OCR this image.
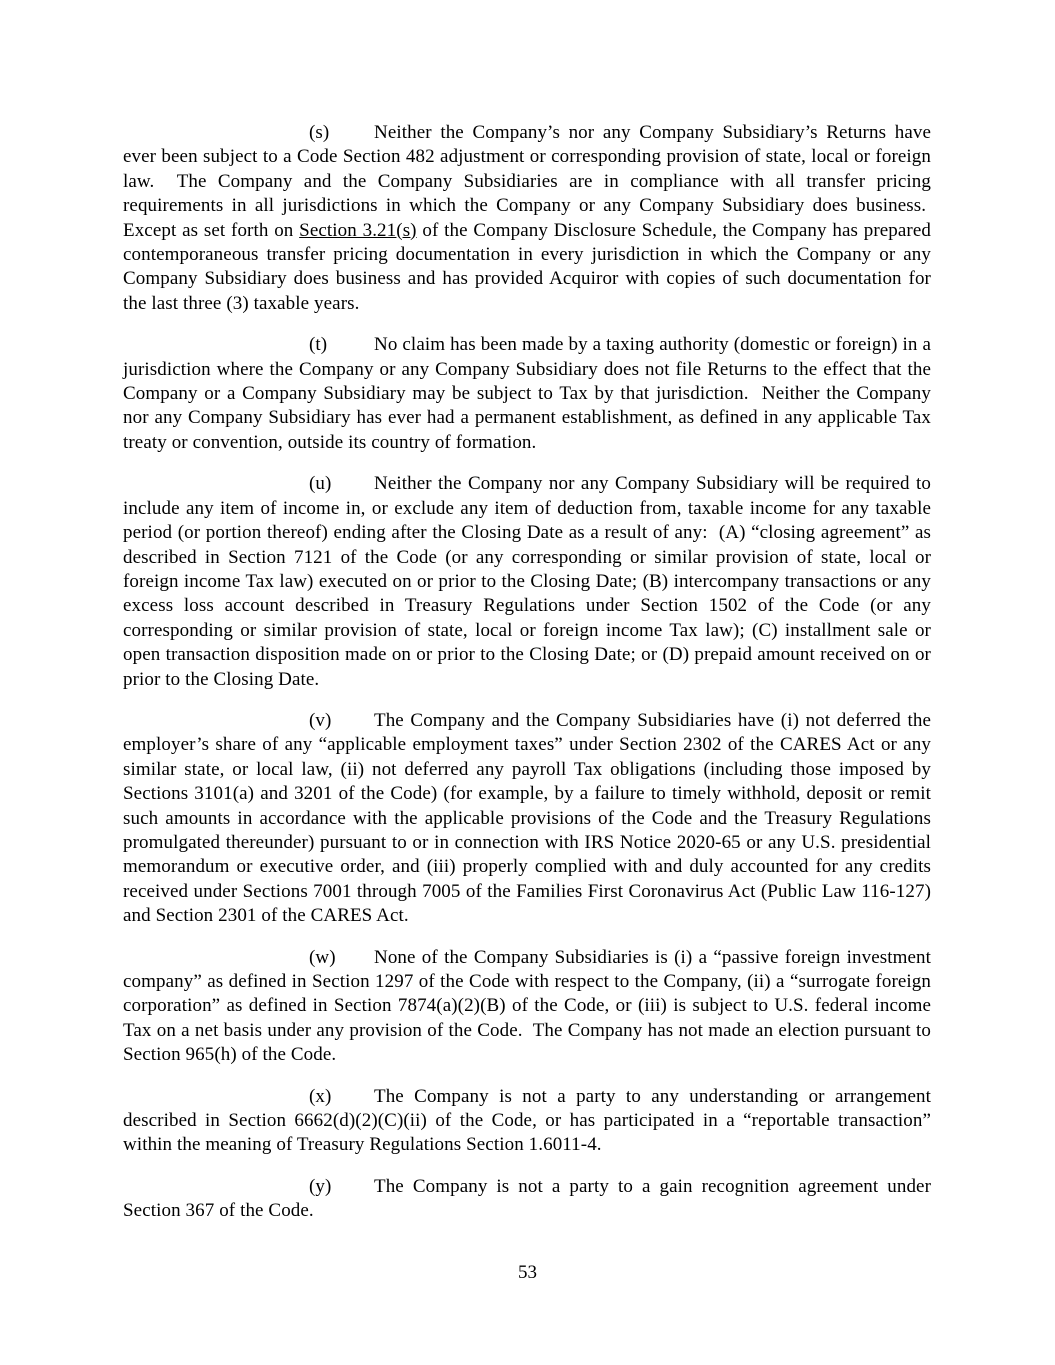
(s) Neither the Company’s nor any Company Subsidiary’s Returns have ever been subject to a Code Section 482 adjustment or corresponding provision of state, local or foreign law.  The Company and the Company Subsidiaries are in compliance with all transfer pricing requirements in all jurisdictions in which the Company or any Company Subsidiary does business.  Except as set forth on Section 3.21(s) of the Company Disclosure Schedule, the Company has prepared contemporaneous transfer pricing documentation in every jurisdiction in which the Company or any Company Subsidiary does business and has provided Acquiror with copies of such documentation for the last three (3) taxable years.

(t) No claim has been made by a taxing authority (domestic or foreign) in a jurisdiction where the Company or any Company Subsidiary does not file Returns to the effect that the Company or a Company Subsidiary may be subject to Tax by that jurisdiction.  Neither the Company nor any Company Subsidiary has ever had a permanent establishment, as defined in any applicable Tax treaty or convention, outside its country of formation.

(u) Neither the Company nor any Company Subsidiary will be required to include any item of income in, or exclude any item of deduction from, taxable income for any taxable period (or portion thereof) ending after the Closing Date as a result of any:  (A) “closing agreement” as described in Section 7121 of the Code (or any corresponding or similar provision of state, local or foreign income Tax law) executed on or prior to the Closing Date; (B) intercompany transactions or any excess loss account described in Treasury Regulations under Section 1502 of the Code (or any corresponding or similar provision of state, local or foreign income Tax law); (C) installment sale or open transaction disposition made on or prior to the Closing Date; or (D) prepaid amount received on or prior to the Closing Date.

(v) The Company and the Company Subsidiaries have (i) not deferred the employer’s share of any “applicable employment taxes” under Section 2302 of the CARES Act or any similar state, or local law, (ii) not deferred any payroll Tax obligations (including those imposed by Sections 3101(a) and 3201 of the Code) (for example, by a failure to timely withhold, deposit or remit such amounts in accordance with the applicable provisions of the Code and the Treasury Regulations promulgated thereunder) pursuant to or in connection with IRS Notice 2020-65 or any U.S. presidential memorandum or executive order, and (iii) properly complied with and duly accounted for any credits received under Sections 7001 through 7005 of the Families First Coronavirus Act (Public Law 116-127) and Section 2301 of the CARES Act.

(w) None of the Company Subsidiaries is (i) a “passive foreign investment company” as defined in Section 1297 of the Code with respect to the Company, (ii) a “surrogate foreign corporation” as defined in Section 7874(a)(2)(B) of the Code, or (iii) is subject to U.S. federal income Tax on a net basis under any provision of the Code.  The Company has not made an election pursuant to Section 965(h) of the Code.

(x) The Company is not a party to any understanding or arrangement described in Section 6662(d)(2)(C)(ii) of the Code, or has participated in a “reportable transaction” within the meaning of Treasury Regulations Section 1.6011-4.

(y) The Company is not a party to a gain recognition agreement under Section 367 of the Code.

53
